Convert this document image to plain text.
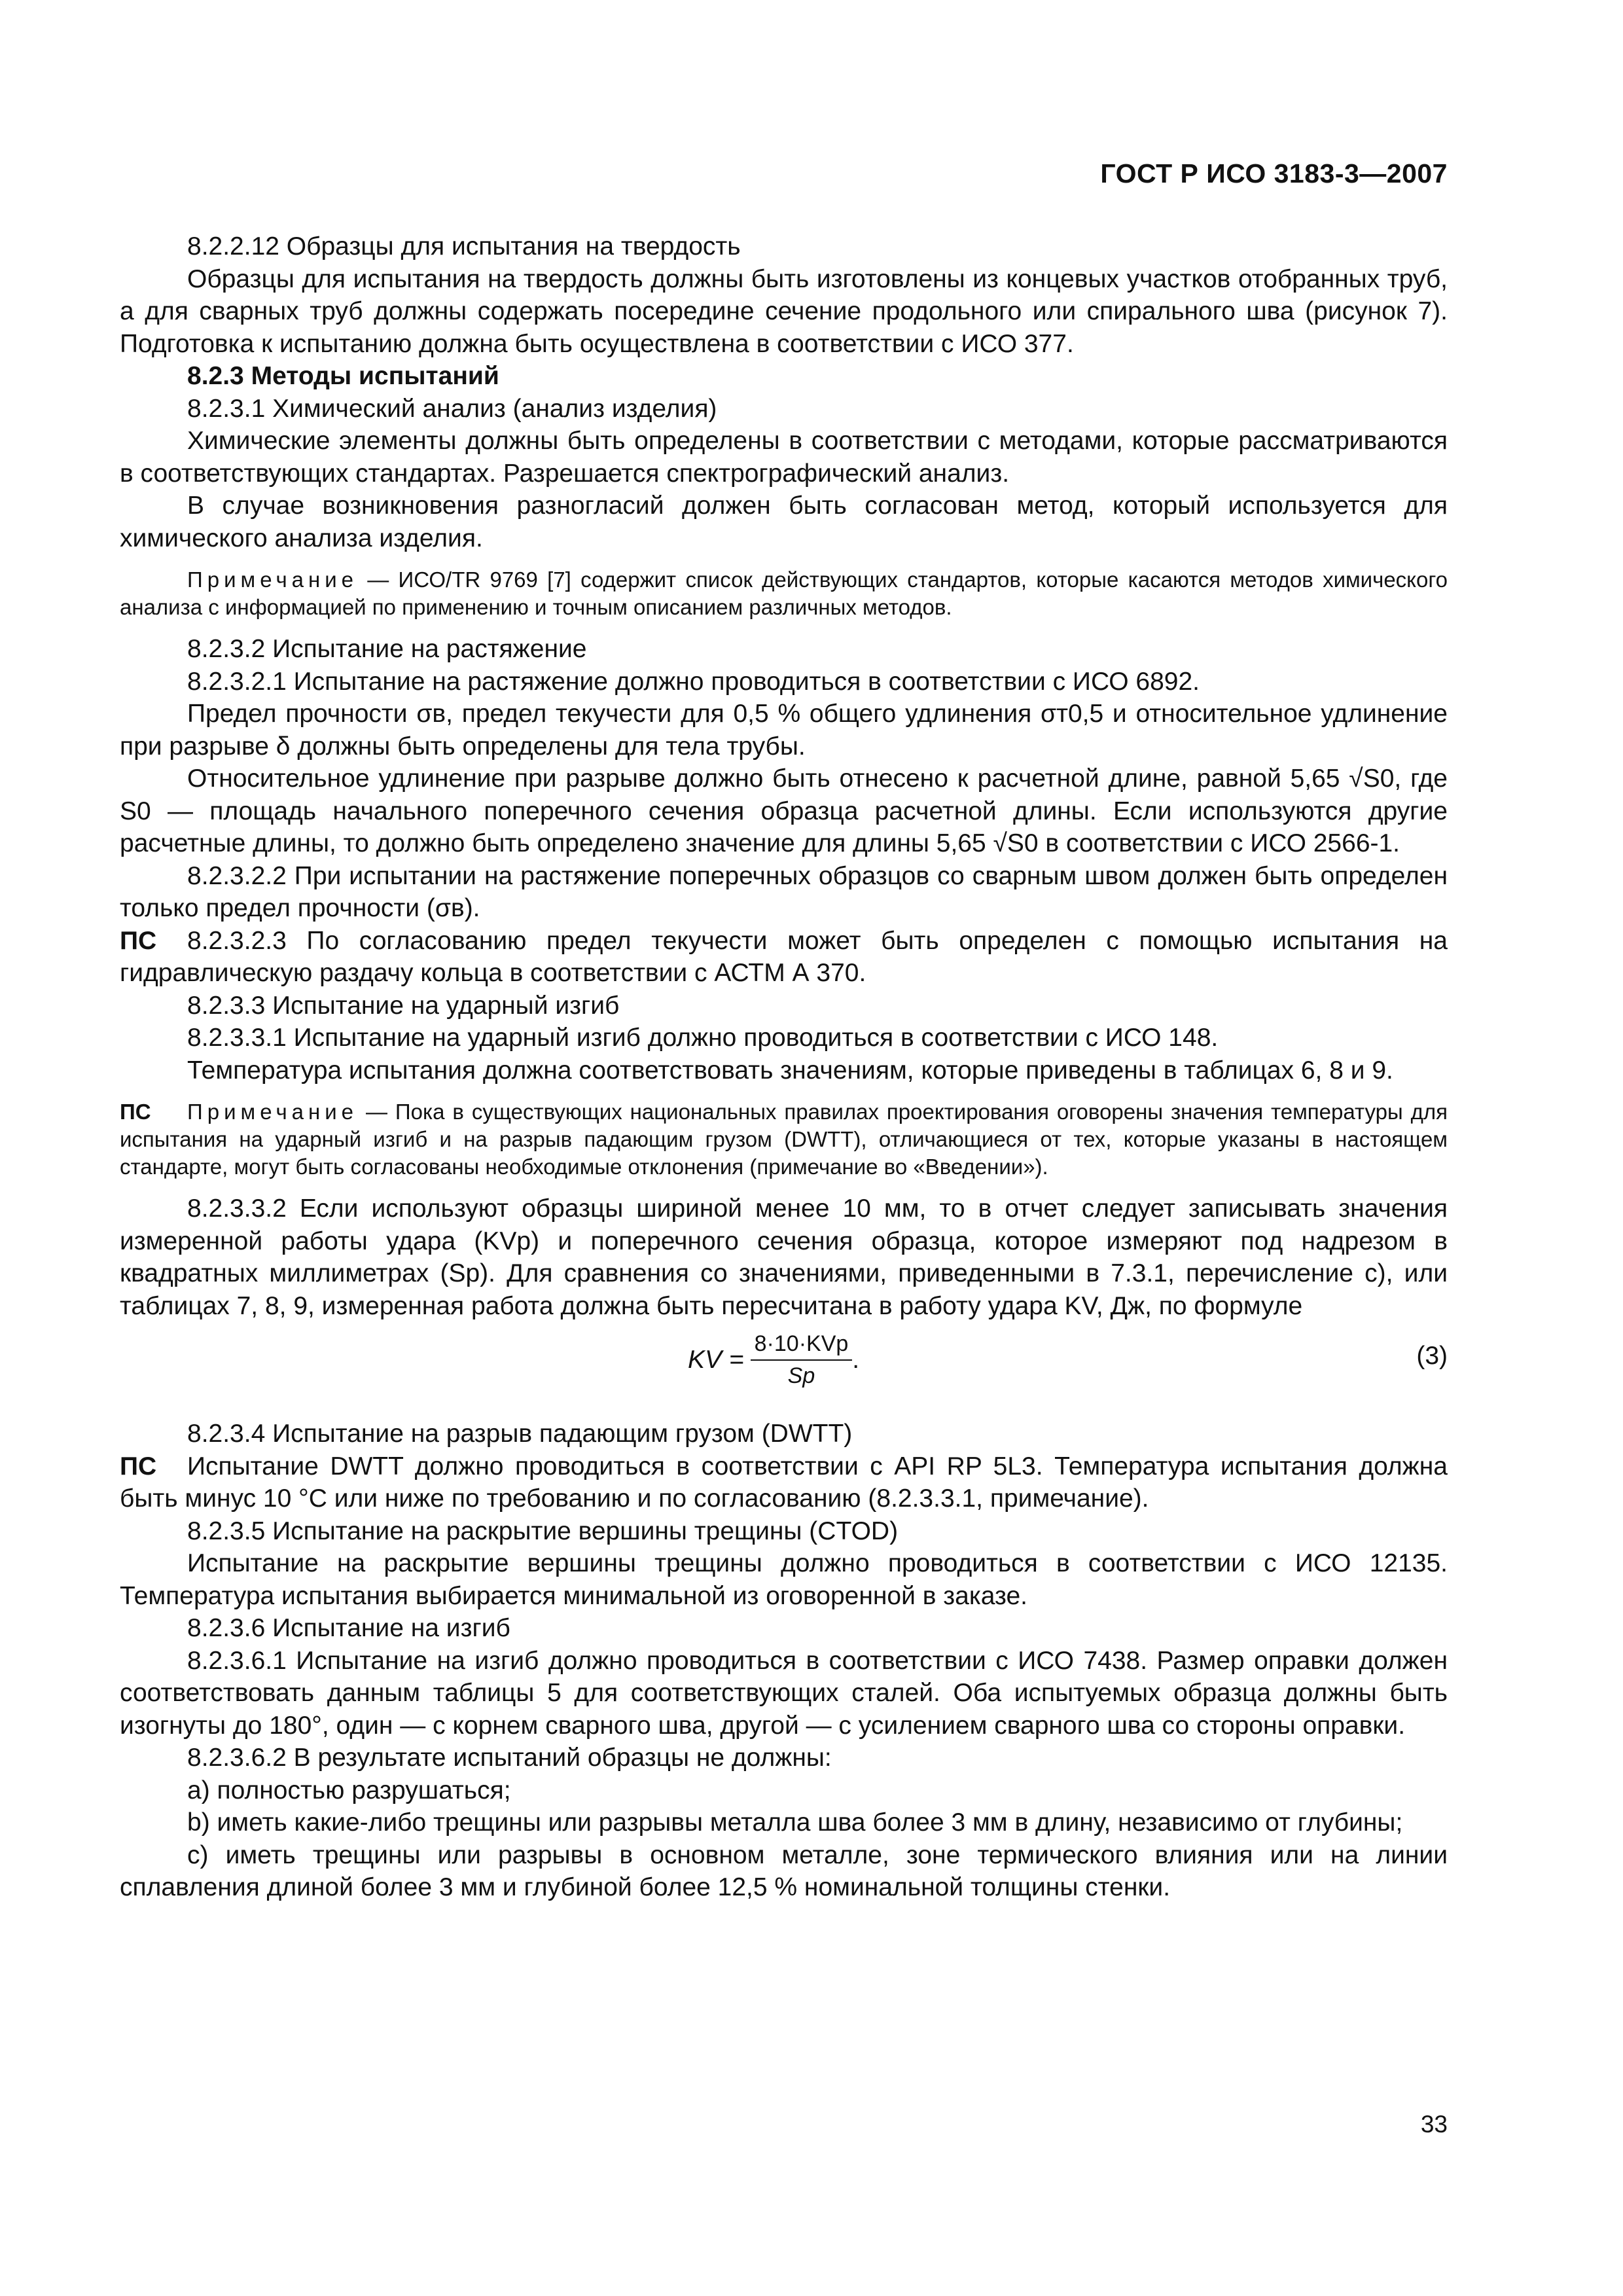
ГОСТ Р ИСО 3183-3—2007

8.2.2.12 Образцы для испытания на твердость

Образцы для испытания на твердость должны быть изготовлены из концевых участков отобранных труб, а для сварных труб должны содержать посередине сечение продольного или спирального шва (рисунок 7). Подготовка к испытанию должна быть осуществлена в соответствии с ИСО 377.

8.2.3 Методы испытаний

8.2.3.1 Химический анализ (анализ изделия)

Химические элементы должны быть определены в соответствии с методами, которые рассматриваются в соответствующих стандартах. Разрешается спектрографический анализ.

В случае возникновения разногласий должен быть согласован метод, который используется для химического анализа изделия.

Примечание — ИСО/TR 9769 [7] содержит список действующих стандартов, которые касаются методов химического анализа с информацией по применению и точным описанием различных методов.

8.2.3.2 Испытание на растяжение

8.2.3.2.1 Испытание на растяжение должно проводиться в соответствии с ИСО 6892.

Предел прочности σв, предел текучести для 0,5 % общего удлинения σт0,5 и относительное удлинение при разрыве δ должны быть определены для тела трубы.

Относительное удлинение при разрыве должно быть отнесено к расчетной длине, равной 5,65 √S0, где S0 — площадь начального поперечного сечения образца расчетной длины. Если используются другие расчетные длины, то должно быть определено значение для длины 5,65 √S0 в соответствии с ИСО 2566-1.

8.2.3.2.2 При испытании на растяжение поперечных образцов со сварным швом должен быть определен только предел прочности (σв).

ПС 8.2.3.2.3 По согласованию предел текучести может быть определен с помощью испытания на гидравлическую раздачу кольца в соответствии с АСТМ А 370.

8.2.3.3 Испытание на ударный изгиб

8.2.3.3.1 Испытание на ударный изгиб должно проводиться в соответствии с ИСО 148.

Температура испытания должна соответствовать значениям, которые приведены в таблицах 6, 8 и 9.

ПС Примечание — Пока в существующих национальных правилах проектирования оговорены значения температуры для испытания на ударный изгиб и на разрыв падающим грузом (DWTT), отличающиеся от тех, которые указаны в настоящем стандарте, могут быть согласованы необходимые отклонения (примечание во «Введении»).

8.2.3.3.2 Если используют образцы шириной менее 10 мм, то в отчет следует записывать значения измеренной работы удара (KVp) и поперечного сечения образца, которое измеряют под надрезом в квадратных миллиметрах (Sp). Для сравнения со значениями, приведенными в 7.3.1, перечисление с), или таблицах 7, 8, 9, измеренная работа должна быть пересчитана в работу удара KV, Дж, по формуле

KV = $\frac{\text{8·10·KVp}}{Sp}$ .	(3)

8.2.3.4 Испытание на разрыв падающим грузом (DWTT)

ПС Испытание DWTT должно проводиться в соответствии с API RP 5L3. Температура испытания должна быть минус 10 °С или ниже по требованию и по согласованию (8.2.3.3.1, примечание).

8.2.3.5 Испытание на раскрытие вершины трещины (СTOD)

Испытание на раскрытие вершины трещины должно проводиться в соответствии с ИСО 12135. Температура испытания выбирается минимальной из оговоренной в заказе.

8.2.3.6 Испытание на изгиб

8.2.3.6.1 Испытание на изгиб должно проводиться в соответствии с ИСО 7438. Размер оправки должен соответствовать данным таблицы 5 для соответствующих сталей. Оба испытуемых образца должны быть изогнуты до 180°, один — с корнем сварного шва, другой — с усилением сварного шва со стороны оправки.

8.2.3.6.2 В результате испытаний образцы не должны:

а) полностью разрушаться;

b) иметь какие-либо трещины или разрывы металла шва более 3 мм в длину, независимо от глубины;

с) иметь трещины или разрывы в основном металле, зоне термического влияния или на линии сплавления длиной более 3 мм и глубиной более 12,5 % номинальной толщины стенки.

33
